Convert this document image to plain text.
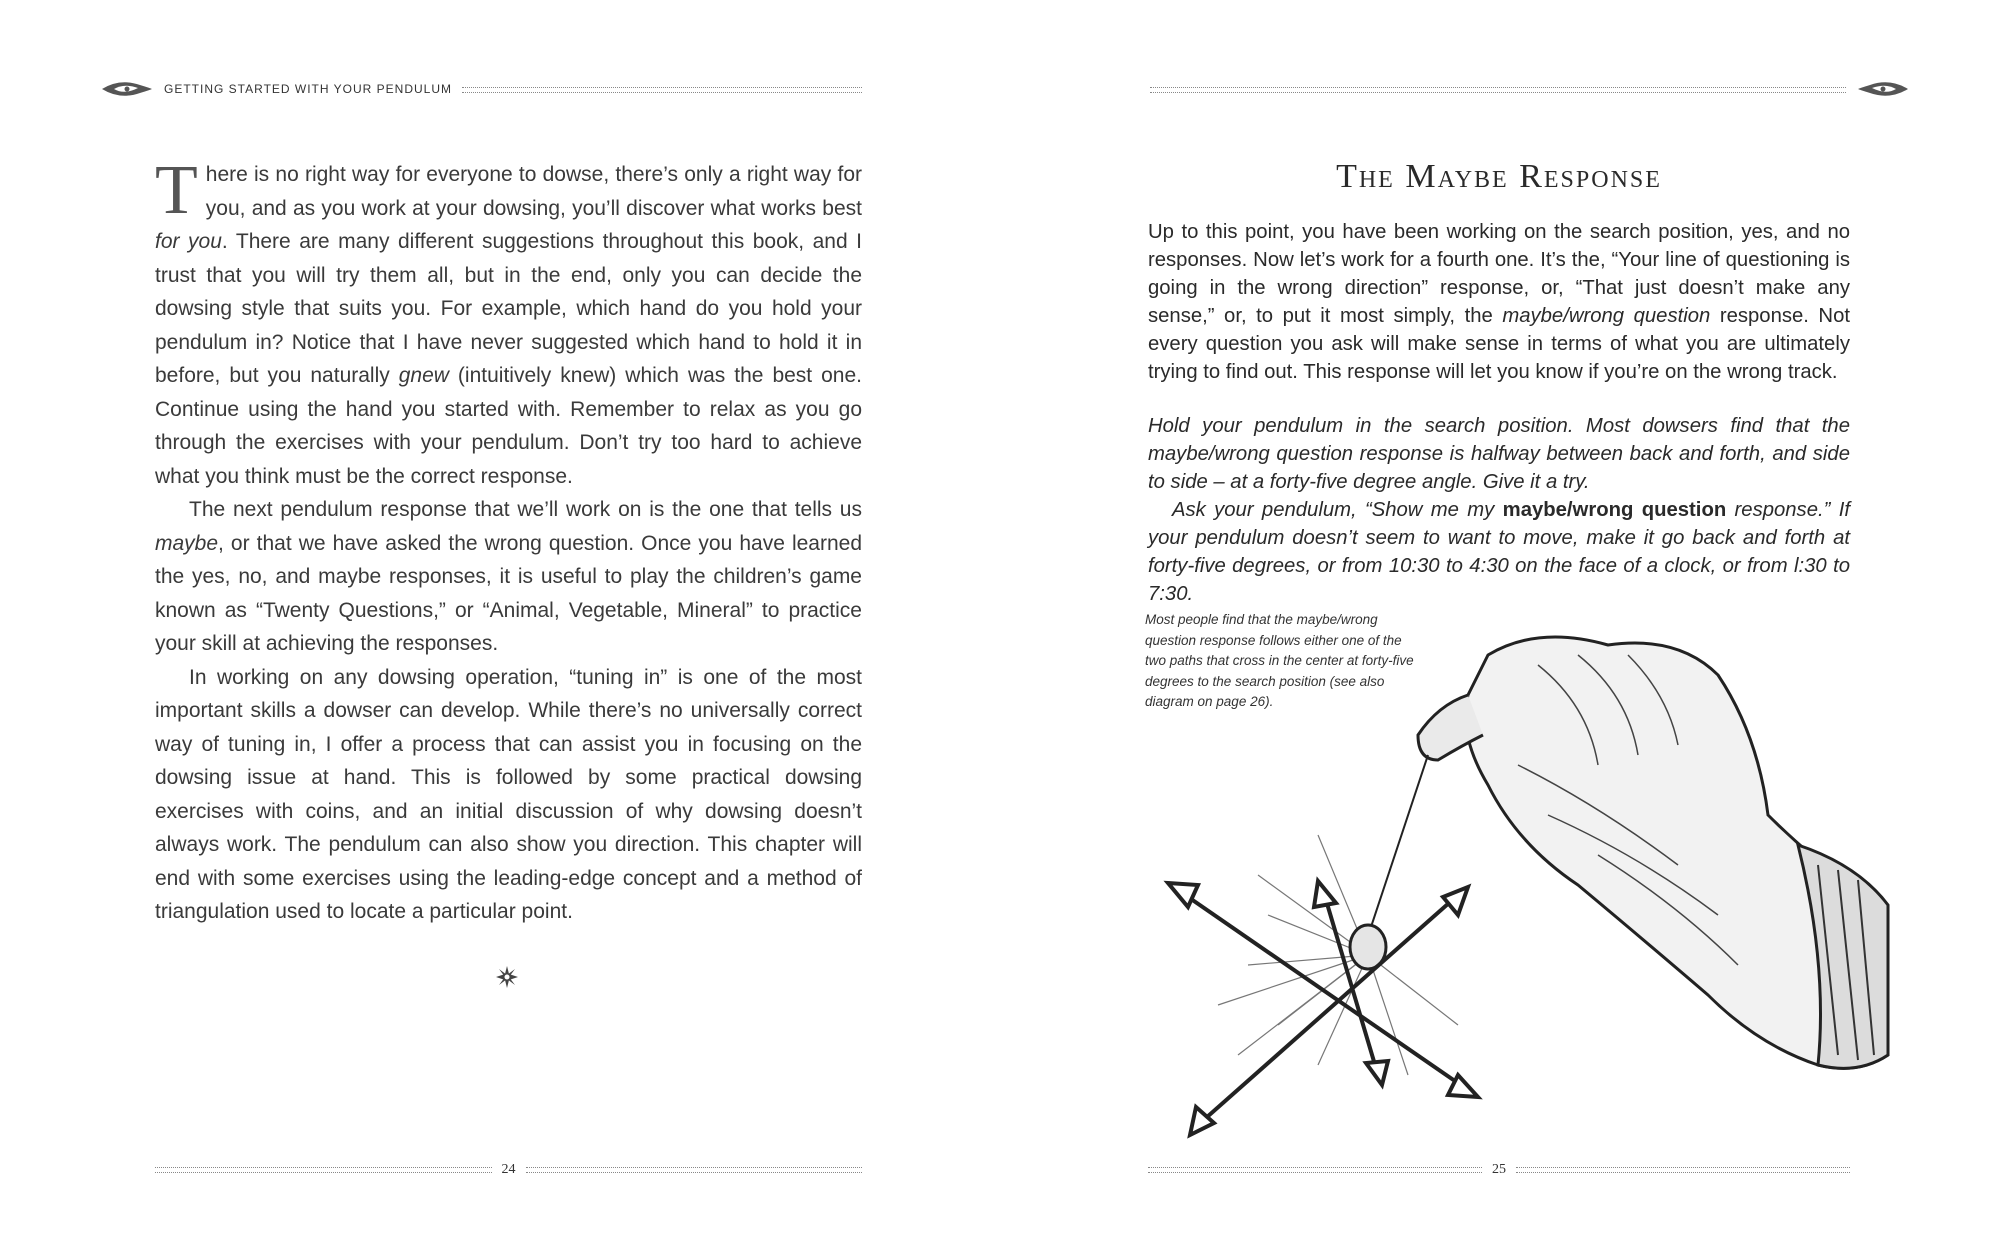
GETTING STARTED WITH YOUR PENDULUM

There is no right way for everyone to dowse, there’s only a right way for you, and as you work at your dowsing, you’ll discover what works best for you. There are many different suggestions throughout this book, and I trust that you will try them all, but in the end, only you can decide the dowsing style that suits you. For example, which hand do you hold your pendulum in? Notice that I have never suggested which hand to hold it in before, but you naturally gnew (intuitively knew) which was the best one. Continue using the hand you started with. Remember to relax as you go through the exercises with your pendulum. Don’t try too hard to achieve what you think must be the correct response.

The next pendulum response that we’ll work on is the one that tells us maybe, or that we have asked the wrong question. Once you have learned the yes, no, and maybe responses, it is useful to play the children’s game known as “Twenty Questions,” or “Animal, Vegetable, Mineral” to practice your skill at achieving the responses.

In working on any dowsing operation, “tuning in” is one of the most important skills a dowser can develop. While there’s no universally correct way of tuning in, I offer a process that can assist you in focusing on the dowsing issue at hand. This is followed by some practical dowsing exercises with coins, and an initial discussion of why dowsing doesn’t always work. The pendulum can also show you direction. This chapter will end with some exercises using the leading-edge concept and a method of triangulation used to locate a particular point.

24
The Maybe Response

Up to this point, you have been working on the search position, yes, and no responses. Now let’s work for a fourth one. It’s the, “Your line of questioning is going in the wrong direction” response, or, “That just doesn’t make any sense,” or, to put it most simply, the maybe/wrong question response. Not every question you ask will make sense in terms of what you are ultimately trying to find out. This response will let you know if you’re on the wrong track.

Hold your pendulum in the search position. Most dowsers find that the maybe/wrong question response is halfway between back and forth, and side to side – at a forty-five degree angle. Give it a try.

Ask your pendulum, “Show me my maybe/wrong question response.” If your pendulum doesn’t seem to want to move, make it go back and forth at forty-five degrees, or from 10:30 to 4:30 on the face of a clock, or from l:30 to 7:30.

Most people find that the maybe/wrong question response follows either one of the two paths that cross in the center at forty-five degrees to the search position (see also diagram on page 26).
25
